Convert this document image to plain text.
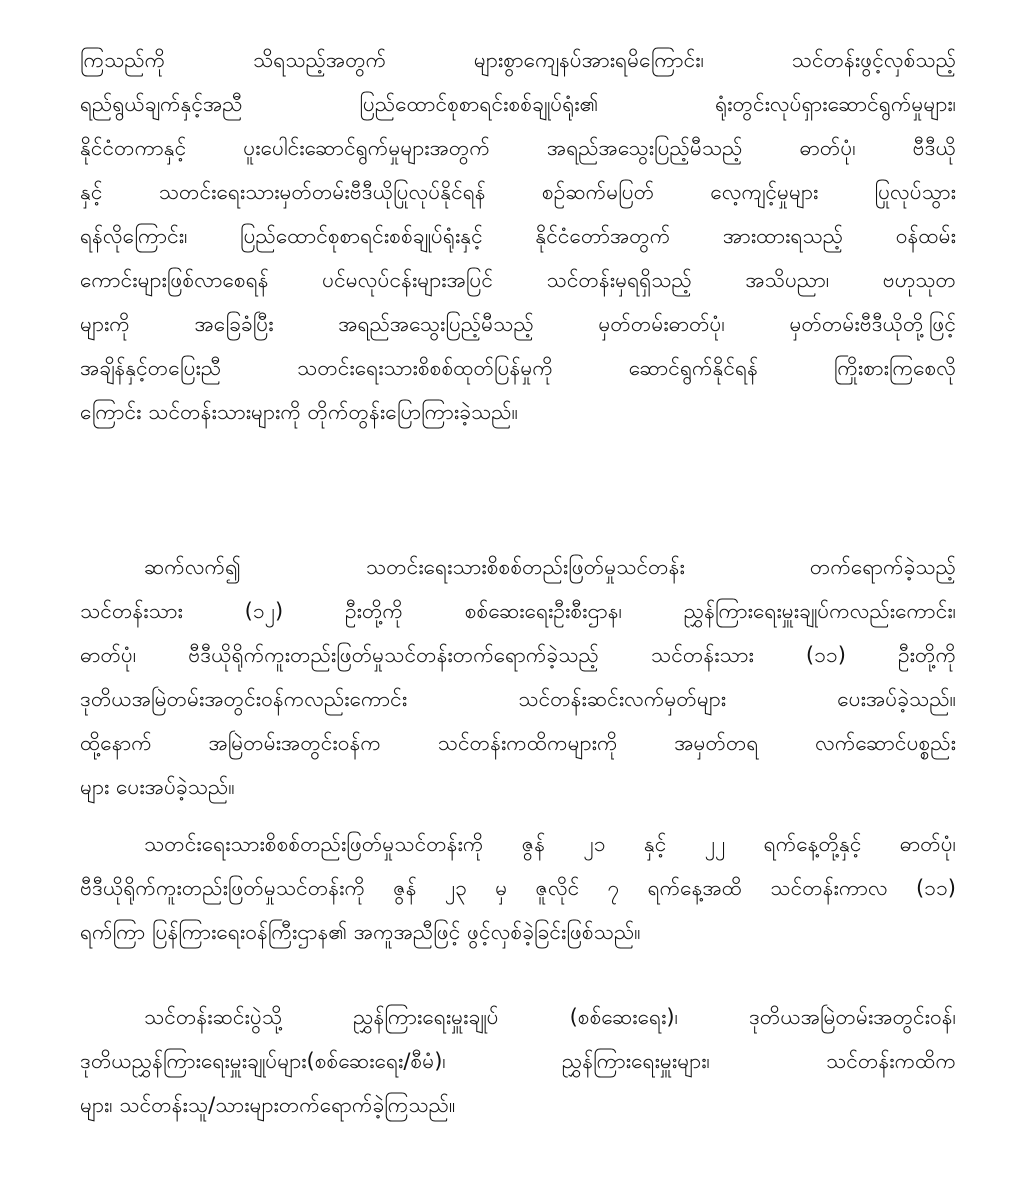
ကြသည်ကို သိရသည့်အတွက် များစွာကျေနပ်အားရမိကြောင်း၊ သင်တန်းဖွင့်လှစ်သည့်
ရည်ရွယ်ချက်နှင့်အညီ ပြည်ထောင်စုစာရင်းစစ်ချုပ်ရုံး၏ ရုံးတွင်းလုပ်ရှားဆောင်ရွက်မှုများ၊
နိုင်ငံတကာနှင့် ပူးပေါင်းဆောင်ရွက်မှုများအတွက် အရည်အသွေးပြည့်မီသည့် ဓာတ်ပုံ၊ ဗီဒီယို
နှင့် သတင်းရေးသားမှတ်တမ်းဗီဒီယိုပြုလုပ်နိုင်ရန် စဉ်ဆက်မပြတ် လေ့ကျင့်မှုများ ပြုလုပ်သွား
ရန်လိုကြောင်း၊ ပြည်ထောင်စုစာရင်းစစ်ချုပ်ရုံးနှင့် နိုင်ငံတော်အတွက် အားထားရသည့် ဝန်ထမ်း
ကောင်းများဖြစ်လာစေရန် ပင်မလုပ်ငန်းများအပြင် သင်တန်းမှရရှိသည့် အသိပညာ၊ ဗဟုသုတ
များကို အခြေခံပြီး အရည်အသွေးပြည့်မီသည့် မှတ်တမ်းဓာတ်ပုံ၊ မှတ်တမ်းဗီဒီယိုတို့ဖြင့်
အချိန်နှင့်တပြေးညီ သတင်းရေးသားစိစစ်ထုတ်ပြန်မှုကို ဆောင်ရွက်နိုင်ရန် ကြိုးစားကြစေလို
ကြောင်း သင်တန်းသားများကို တိုက်တွန်းပြောကြားခဲ့သည်။
ဆက်လက်၍ သတင်းရေးသားစိစစ်တည်းဖြတ်မှုသင်တန်း တက်ရောက်ခဲ့သည့်
သင်တန်းသား (၁၂) ဦးတို့ကို စစ်ဆေးရေးဦးစီးဌာန၊ ညွှန်ကြားရေးမှူးချုပ်ကလည်းကောင်း၊
ဓာတ်ပုံ၊ ဗီဒီယိုရိုက်ကူးတည်းဖြတ်မှုသင်တန်းတက်ရောက်ခဲ့သည့် သင်တန်းသား (၁၁) ဦးတို့ကို
ဒုတိယအမြဲတမ်းအတွင်းဝန်ကလည်းကောင်း သင်တန်းဆင်းလက်မှတ်များ ပေးအပ်ခဲ့သည်။
ထို့နောက် အမြဲတမ်းအတွင်းဝန်က သင်တန်းကထိကများကို အမှတ်တရ လက်ဆောင်ပစ္စည်း
များ ပေးအပ်ခဲ့သည်။
သတင်းရေးသားစိစစ်တည်းဖြတ်မှုသင်တန်းကို ဇွန် ၂၁ နှင့် ၂၂ ရက်နေ့တို့နှင့် ဓာတ်ပုံ၊
ဗီဒီယိုရိုက်ကူးတည်းဖြတ်မှုသင်တန်းကို ဇွန် ၂၃ မှ ဇူလိုင် ၇ ရက်နေ့အထိ သင်တန်းကာလ (၁၁)
ရက်ကြာ ပြန်ကြားရေးဝန်ကြီးဌာန၏ အကူအညီဖြင့် ဖွင့်လှစ်ခဲ့ခြင်းဖြစ်သည်။
သင်တန်းဆင်းပွဲသို့ ညွှန်ကြားရေးမှူးချုပ် (စစ်ဆေးရေး)၊ ဒုတိယအမြဲတမ်းအတွင်းဝန်၊
ဒုတိယညွှန်ကြားရေးမှူးချုပ်များ(စစ်ဆေးရေး/စီမံ)၊ ညွှန်ကြားရေးမှူးများ၊ သင်တန်းကထိက
များ၊ သင်တန်းသူ/သားများတက်ရောက်ခဲ့ကြသည်။
